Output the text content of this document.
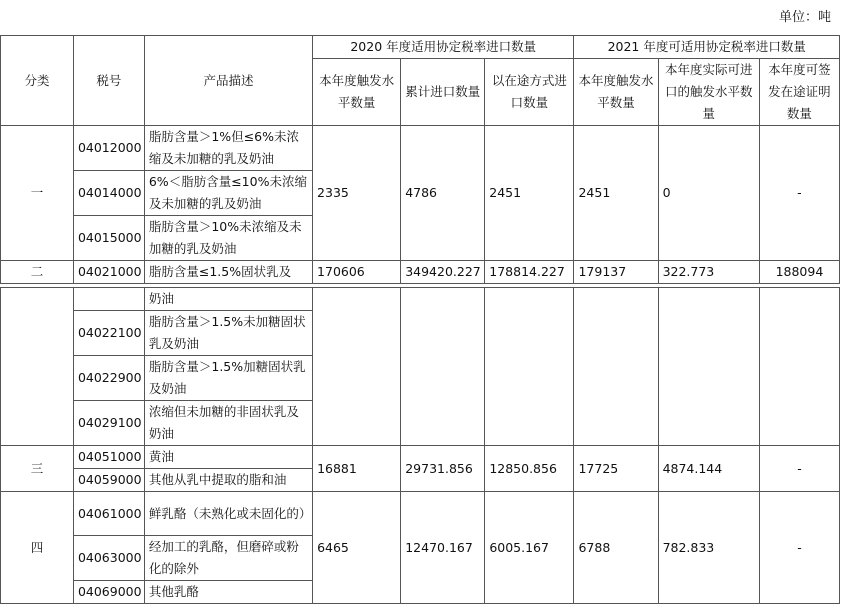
单位：吨
分类	税号	产品描述	2020 年度适用协定税率进口数量			2021 年度可适用协定税率进口数量		
			本年度触发水平数量	累计进口数量	以在途方式进口数量	本年度触发水平数量	本年度实际可进口的触发水平数量	本年度可签发在途证明数量
一	04012000	脂肪含量＞1%但≤6%未浓缩及未加糖的乳及奶油	2335	4786	2451	2451	0	-
	04014000	6%＜脂肪含量≤10%未浓缩及未加糖的乳及奶油						
	04015000	脂肪含量＞10%未浓缩及未加糖的乳及奶油						
二	04021000	脂肪含量≤1.5%固状乳及	170606	349420.227	178814.227	179137	322.773	188094
		奶油						
	04022100	脂肪含量＞1.5%未加糖固状乳及奶油						
	04022900	脂肪含量＞1.5%加糖固状乳及奶油						
	04029100	浓缩但未加糖的非固状乳及奶油						
三	04051000	黄油	16881	29731.856	12850.856	17725	4874.144	-
	04059000	其他从乳中提取的脂和油						
四	04061000	鲜乳酪（未熟化或未固化的）	6465	12470.167	6005.167	6788	782.833	-
	04063000	经加工的乳酪，但磨碎或粉化的除外						
	04069000	其他乳酪						
